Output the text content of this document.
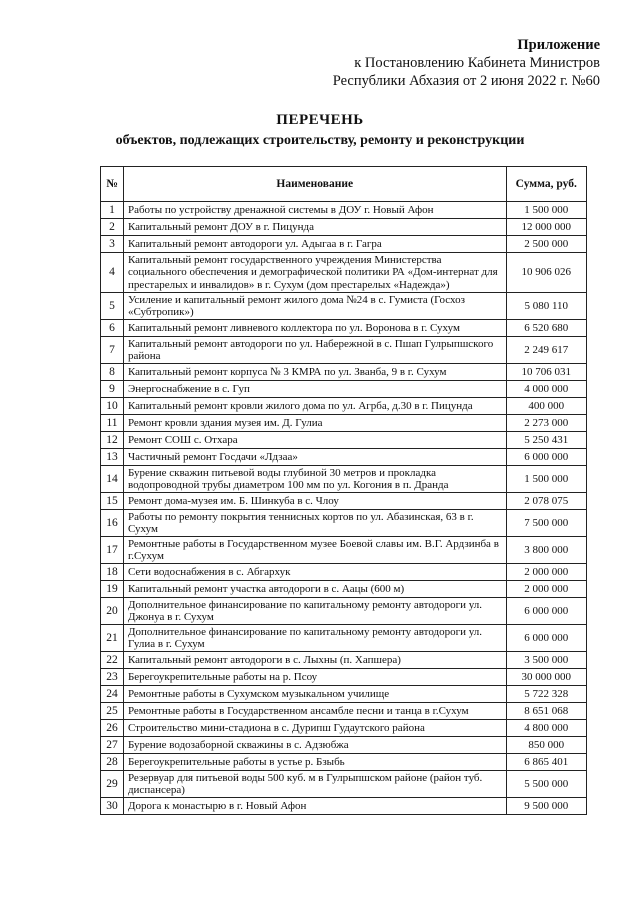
Приложение
к Постановлению Кабинета Министров
Республики Абхазия от 2 июня 2022 г. №60
ПЕРЕЧЕНЬ
объектов, подлежащих строительству, ремонту и реконструкции
№	Наименование	Сумма, руб.
1	Работы по устройству дренажной системы в ДОУ г. Новый Афон	1 500 000
2	Капитальный ремонт ДОУ в г. Пицунда	12 000 000
3	Капитальный ремонт автодороги ул. Адыгаа в г. Гагра	2 500 000
4	Капитальный ремонт государственного учреждения Министерства социального обеспечения и демографической политики РА «Дом-интернат для престарелых и инвалидов» в г. Сухум (дом престарелых «Надежда»)	10 906 026
5	Усиление и капитальный ремонт жилого дома №24 в с. Гумиста (Госхоз «Субтропик»)	5 080 110
6	Капитальный ремонт ливневого коллектора по ул. Воронова в г. Сухум	6 520 680
7	Капитальный ремонт автодороги по ул. Набережной в с. Пшап Гулрыпшского района	2 249 617
8	Капитальный ремонт корпуса № 3 КМРА по ул. Званба, 9 в г. Сухум	10 706 031
9	Энергоснабжение в с. Гуп	4 000 000
10	Капитальный ремонт кровли жилого дома по ул. Агрба, д.30 в г. Пицунда	400 000
11	Ремонт кровли здания музея им. Д. Гулиа	2 273 000
12	Ремонт СОШ с. Отхара	5 250 431
13	Частичный ремонт Госдачи «Лдзаа»	6 000 000
14	Бурение скважин питьевой воды глубиной 30 метров и прокладка водопроводной трубы диаметром 100 мм по ул. Когония в п. Дранда	1 500 000
15	Ремонт дома-музея им. Б. Шинкуба в с. Члоу	2 078 075
16	Работы по ремонту покрытия теннисных кортов по ул. Абазинская, 63 в г. Сухум	7 500 000
17	Ремонтные работы в Государственном музее Боевой славы им. В.Г. Ардзинба в г.Сухум	3 800 000
18	Сети водоснабжения в с. Абгархук	2 000 000
19	Капитальный ремонт участка автодороги в с. Аацы (600 м)	2 000 000
20	Дополнительное финансирование по капитальному ремонту автодороги ул. Джонуа в г. Сухум	6 000 000
21	Дополнительное финансирование по капитальному ремонту автодороги ул. Гулиа в г. Сухум	6 000 000
22	Капитальный ремонт автодороги в с. Лыхны (п. Хапшера)	3 500 000
23	Берегоукрепительные работы на р. Псоу	30 000 000
24	Ремонтные работы в Сухумском музыкальном училище	5 722 328
25	Ремонтные работы в Государственном ансамбле песни и танца в г.Сухум	8 651 068
26	Строительство мини-стадиона в с. Дурипш Гудаутского района	4 800 000
27	Бурение водозаборной скважины в с. Адзюбжа	850 000
28	Берегоукрепительные работы в устье р. Бзыбь	6 865 401
29	Резервуар для питьевой воды 500 куб. м в Гулрыпшском районе (район туб. диспансера)	5 500 000
30	Дорога к монастырю в г. Новый Афон	9 500 000
